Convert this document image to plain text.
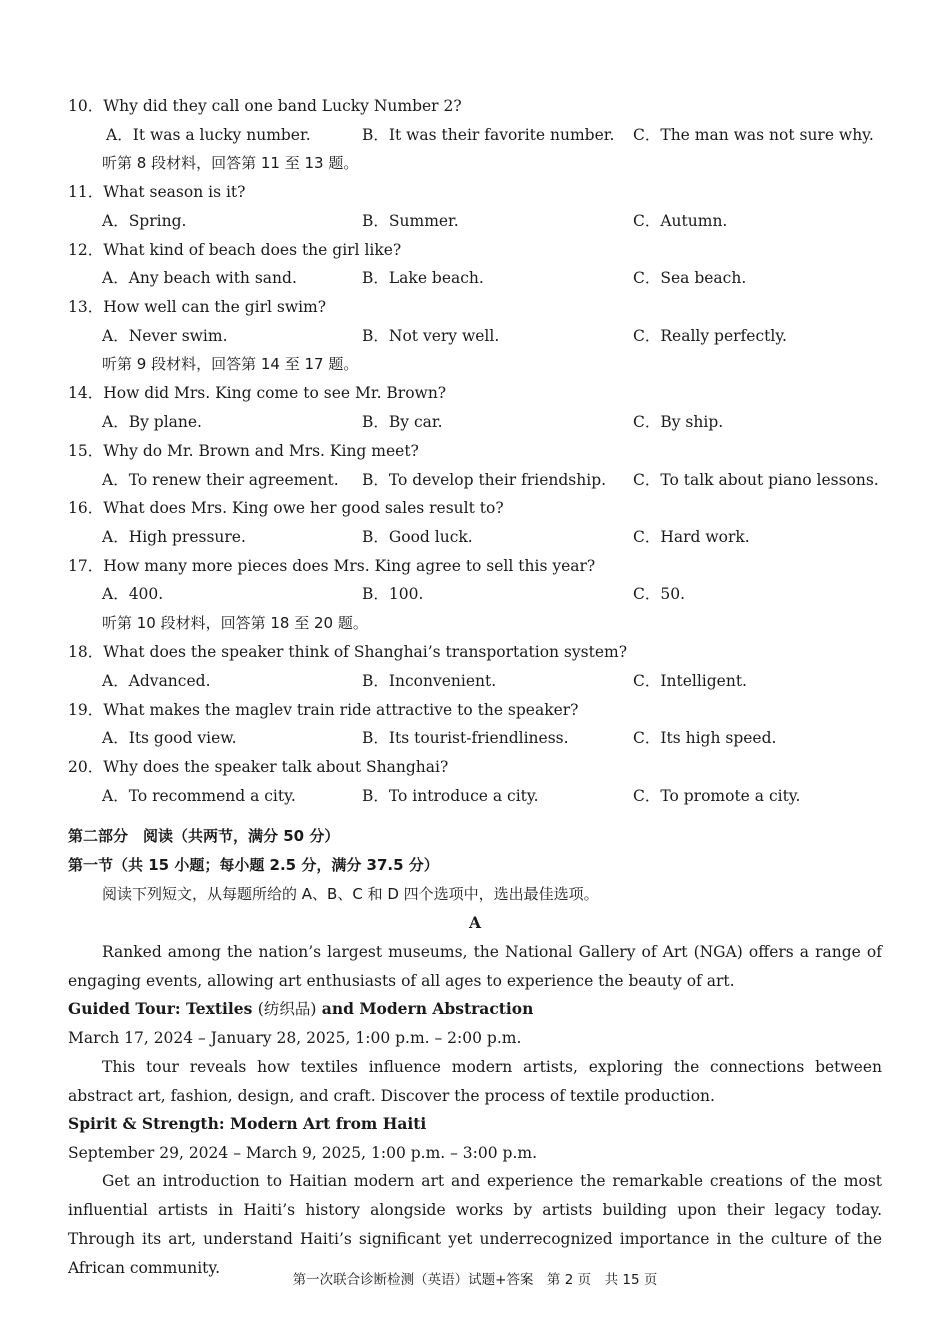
10．Why did they call one band Lucky Number 2?
A．It was a lucky number.	B．It was their favorite number. C．The man was not sure why.
听第 8 段材料，回答第 11 至 13 题。
11．What season is it?
A．Spring.	B．Summer.	C．Autumn.
12．What kind of beach does the girl like?
A．Any beach with sand.	B．Lake beach.	C．Sea beach.
13．How well can the girl swim?
A．Never swim.	B．Not very well.	C．Really perfectly.
听第 9 段材料，回答第 14 至 17 题。
14．How did Mrs. King come to see Mr. Brown?
A．By plane.	B．By car.	C．By ship.
15．Why do Mr. Brown and Mrs. King meet?
A．To renew their agreement. B．To develop their friendship. C．To talk about piano lessons.
16．What does Mrs. King owe her good sales result to?
A．High pressure.	B．Good luck.	C．Hard work.
17．How many more pieces does Mrs. King agree to sell this year?
A．400.	B．100.	C．50.
听第 10 段材料，回答第 18 至 20 题。
18．What does the speaker think of Shanghai’s transportation system?
A．Advanced.	B．Inconvenient.	C．Intelligent.
19．What makes the maglev train ride attractive to the speaker?
A．Its good view.	B．Its tourist-friendliness.	C．Its high speed.
20．Why does the speaker talk about Shanghai?
A．To recommend a city.	B．To introduce a city.	C．To promote a city.
第二部分　阅读（共两节，满分 50 分）
第一节（共 15 小题；每小题 2.5 分，满分 37.5 分）
阅读下列短文，从每题所给的 A、B、C 和 D 四个选项中，选出最佳选项。
A
Ranked among the nation’s largest museums, the National Gallery of Art (NGA) offers a range of engaging events, allowing art enthusiasts of all ages to experience the beauty of art.
Guided Tour: Textiles (纺织品) and Modern Abstraction
March 17, 2024 – January 28, 2025, 1:00 p.m. – 2:00 p.m.
This tour reveals how textiles influence modern artists, exploring the connections between abstract art, fashion, design, and craft. Discover the process of textile production.
Spirit & Strength: Modern Art from Haiti
September 29, 2024 – March 9, 2025, 1:00 p.m. – 3:00 p.m.
Get an introduction to Haitian modern art and experience the remarkable creations of the most influential artists in Haiti’s history alongside works by artists building upon their legacy today. Through its art, understand Haiti’s significant yet underrecognized importance in the culture of the African community.
第一次联合诊断检测（英语）试题+答案　第 2 页　共 15 页
